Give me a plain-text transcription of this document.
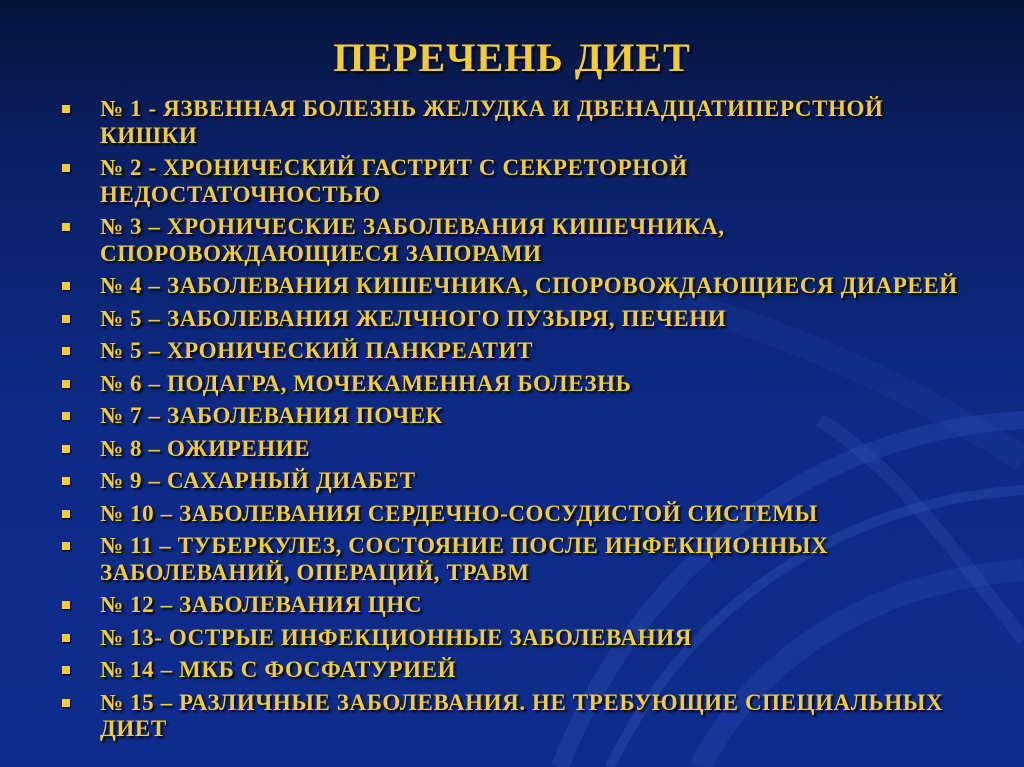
ПЕРЕЧЕНЬ ДИЕТ
№ 1 - ЯЗВЕННАЯ БОЛЕЗНЬ ЖЕЛУДКА И ДВЕНАДЦАТИПЕРСТНОЙ КИШКИ
№ 2 - ХРОНИЧЕСКИЙ ГАСТРИТ С СЕКРЕТОРНОЙ НЕДОСТАТОЧНОСТЬЮ
№ 3 – ХРОНИЧЕСКИЕ ЗАБОЛЕВАНИЯ КИШЕЧНИКА, СПОРОВОЖДАЮЩИЕСЯ ЗАПОРАМИ
№ 4 – ЗАБОЛЕВАНИЯ КИШЕЧНИКА, СПОРОВОЖДАЮЩИЕСЯ ДИАРЕЕЙ
№ 5 – ЗАБОЛЕВАНИЯ ЖЕЛЧНОГО ПУЗЫРЯ, ПЕЧЕНИ
№ 5 – ХРОНИЧЕСКИЙ ПАНКРЕАТИТ
№ 6 – ПОДАГРА, МОЧЕКАМЕННАЯ БОЛЕЗНЬ
№ 7 – ЗАБОЛЕВАНИЯ ПОЧЕК
№ 8 – ОЖИРЕНИЕ
№ 9 – САХАРНЫЙ ДИАБЕТ
№ 10 – ЗАБОЛЕВАНИЯ СЕРДЕЧНО-СОСУДИСТОЙ СИСТЕМЫ
№ 11 – ТУБЕРКУЛЕЗ, СОСТОЯНИЕ ПОСЛЕ ИНФЕКЦИОННЫХ ЗАБОЛЕВАНИЙ, ОПЕРАЦИЙ, ТРАВМ
№ 12 – ЗАБОЛЕВАНИЯ ЦНС
№ 13- ОСТРЫЕ ИНФЕКЦИОННЫЕ ЗАБОЛЕВАНИЯ
№ 14 – МКБ С ФОСФАТУРИЕЙ
№ 15 – РАЗЛИЧНЫЕ ЗАБОЛЕВАНИЯ. НЕ ТРЕБУЮЩИЕ СПЕЦИАЛЬНЫХ ДИЕТ
